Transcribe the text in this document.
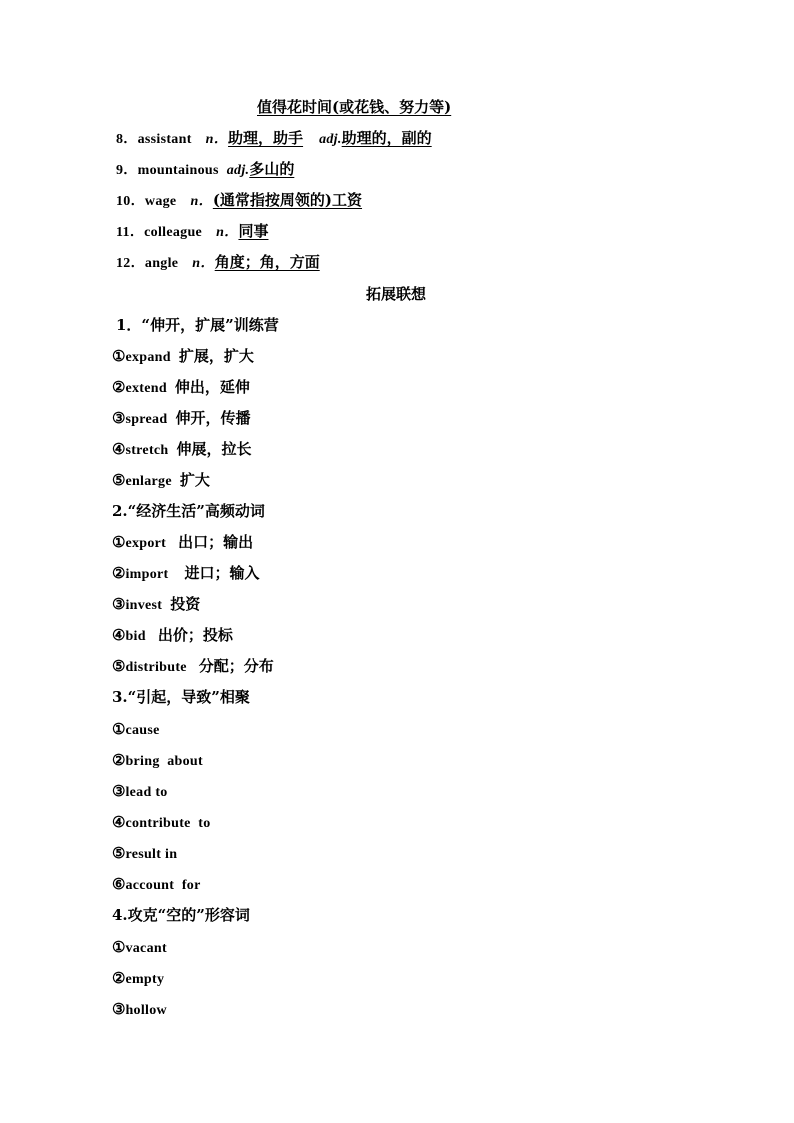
值得花时间(或花钱、努力等)
8．assistant n．助理，助手 adj.助理的，副的
9．mountainous adj.多山的
10．wage n．(通常指按周领的)工资
11．colleague n．同事
12．angle n．角度；角，方面
拓展联想
1．“伸开，扩展”训练营
①expand 扩展，扩大
②extend 伸出，延伸
③spread 伸开，传播
④stretch 伸展，拉长
⑤enlarge 扩大
2.“经济生活”高频动词
①export 出口；输出
②import 进口；输入
③invest 投资
④bid 出价；投标
⑤distribute 分配；分布
3.“引起，导致”相聚
①cause
②bring  about
③lead to
④contribute  to
⑤result in
⑥account  for
4.攻克“空的”形容词
①vacant
②empty
③hollow
